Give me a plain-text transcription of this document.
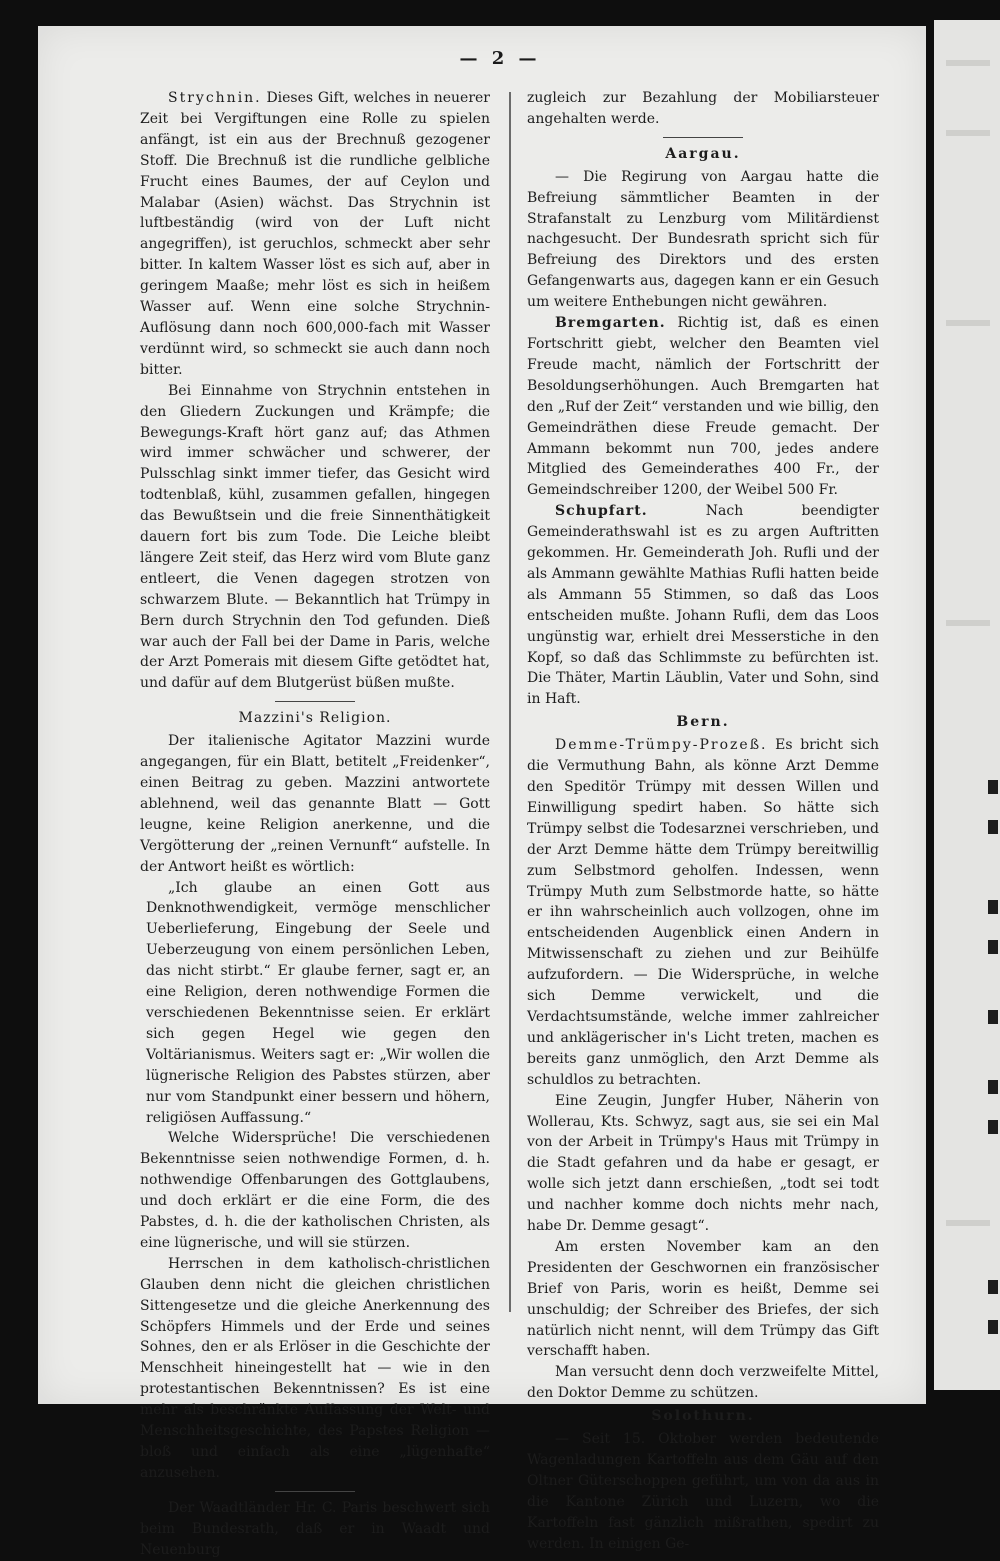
— 2 —

Strychnin. Dieses Gift, welches in neuerer Zeit bei Vergiftungen eine Rolle zu spielen anfängt, ist ein aus der Brechnuß gezogener Stoff. Die Brechnuß ist die rundliche gelbliche Frucht eines Baumes, der auf Ceylon und Malabar (Asien) wächst. Das Strychnin ist luftbeständig (wird von der Luft nicht angegriffen), ist geruchlos, schmeckt aber sehr bitter. In kaltem Wasser löst es sich auf, aber in geringem Maaße; mehr löst es sich in heißem Wasser auf. Wenn eine solche Strychnin-Auflösung dann noch 600,000-fach mit Wasser verdünnt wird, so schmeckt sie auch dann noch bitter.

Bei Einnahme von Strychnin entstehen in den Gliedern Zuckungen und Krämpfe; die Bewegungs-Kraft hört ganz auf; das Athmen wird immer schwächer und schwerer, der Pulsschlag sinkt immer tiefer, das Gesicht wird todtenblaß, kühl, zusammen gefallen, hingegen das Bewußtsein und die freie Sinnenthätigkeit dauern fort bis zum Tode. Die Leiche bleibt längere Zeit steif, das Herz wird vom Blute ganz entleert, die Venen dagegen strotzen von schwarzem Blute. — Bekanntlich hat Trümpy in Bern durch Strychnin den Tod gefunden. Dieß war auch der Fall bei der Dame in Paris, welche der Arzt Pomerais mit diesem Gifte getödtet hat, und dafür auf dem Blutgerüst büßen mußte.

Mazzini's Religion.

Der italienische Agitator Mazzini wurde angegangen, für ein Blatt, betitelt „Freidenker“, einen Beitrag zu geben. Mazzini antwortete ablehnend, weil das genannte Blatt — Gott leugne, keine Religion anerkenne, und die Vergötterung der „reinen Vernunft“ aufstelle. In der Antwort heißt es wörtlich:

„Ich glaube an einen Gott aus Denknothwendigkeit, vermöge menschlicher Ueberlieferung, Eingebung der Seele und Ueberzeugung von einem persönlichen Leben, das nicht stirbt.“ Er glaube ferner, sagt er, an eine Religion, deren nothwendige Formen die verschiedenen Bekenntnisse seien. Er erklärt sich gegen Hegel wie gegen den Voltärianismus. Weiters sagt er: „Wir wollen die lügnerische Religion des Pabstes stürzen, aber nur vom Standpunkt einer bessern und höhern, religiösen Auffassung.“

Welche Widersprüche! Die verschiedenen Bekenntnisse seien nothwendige Formen, d. h. nothwendige Offenbarungen des Gottglaubens, und doch erklärt er die eine Form, die des Pabstes, d. h. die der katholischen Christen, als eine lügnerische, und will sie stürzen.

Herrschen in dem katholisch-christlichen Glauben denn nicht die gleichen christlichen Sittengesetze und die gleiche Anerkennung des Schöpfers Himmels und der Erde und seines Sohnes, den er als Erlöser in die Geschichte der Menschheit hineingestellt hat — wie in den protestantischen Bekenntnissen? Es ist eine mehr als beschränkte Auffassung der Welt- und Menschheitsgeschichte, des Papstes Religion — bloß und einfach als eine „lügenhafte“ anzusehen.

Der Waadtländer Hr. C. Paris beschwert sich beim Bundesrath, daß er in Waadt und Neuenburg

zugleich zur Bezahlung der Mobiliarsteuer angehalten werde.

Aargau.

— Die Regirung von Aargau hatte die Befreiung sämmtlicher Beamten in der Strafanstalt zu Lenzburg vom Militärdienst nachgesucht. Der Bundesrath spricht sich für Befreiung des Direktors und des ersten Gefangenwarts aus, dagegen kann er ein Gesuch um weitere Enthebungen nicht gewähren.

Bremgarten. Richtig ist, daß es einen Fortschritt giebt, welcher den Beamten viel Freude macht, nämlich der Fortschritt der Besoldungserhöhungen. Auch Bremgarten hat den „Ruf der Zeit“ verstanden und wie billig, den Gemeindräthen diese Freude gemacht. Der Ammann bekommt nun 700, jedes andere Mitglied des Gemeinderathes 400 Fr., der Gemeindschreiber 1200, der Weibel 500 Fr.

Schupfart.	Nach beendigter Gemeinderathswahl ist es zu argen Auftritten gekommen. Hr. Gemeinderath Joh. Rufli und der als Ammann gewählte Mathias Rufli hatten beide als Ammann 55 Stimmen, so daß das Loos entscheiden mußte. Johann Rufli, dem das Loos ungünstig war, erhielt drei Messerstiche in den Kopf, so daß das Schlimmste zu befürchten ist. Die Thäter, Martin Läublin, Vater und Sohn, sind in Haft.

Bern.

Demme-Trümpy-Prozeß. Es bricht sich die Vermuthung Bahn, als könne Arzt Demme den Speditör Trümpy mit dessen Willen und Einwilligung spedirt haben. So hätte sich Trümpy selbst die Todesarznei verschrieben, und der Arzt Demme hätte dem Trümpy bereitwillig zum Selbstmord geholfen. Indessen, wenn Trümpy Muth zum Selbstmorde hatte, so hätte er ihn wahrscheinlich auch vollzogen, ohne im entscheidenden Augenblick einen Andern in Mitwissenschaft zu ziehen und zur Beihülfe aufzufordern. — Die Widersprüche, in welche sich Demme verwickelt, und die Verdachtsumstände, welche immer zahlreicher und anklägerischer in's Licht treten, machen es bereits ganz unmöglich, den Arzt Demme als schuldlos zu betrachten.

Eine Zeugin, Jungfer Huber, Näherin von Wollerau, Kts. Schwyz, sagt aus, sie sei ein Mal von der Arbeit in Trümpy's Haus mit Trümpy in die Stadt gefahren und da habe er gesagt, er wolle sich jetzt dann erschießen, „todt sei todt und nachher komme doch nichts mehr nach, habe Dr. Demme gesagt“.

Am ersten November kam an den Presidenten der Geschwornen ein französischer Brief von Paris, worin es heißt, Demme sei unschuldig; der Schreiber des Briefes, der sich natürlich nicht nennt, will dem Trümpy das Gift verschafft haben.

Man versucht denn doch verzweifelte Mittel, den Doktor Demme zu schützen.

Solothurn.

— Seit 15. Oktober werden bedeutende Wagenladungen Kartoffeln aus dem Gäu auf den Oltner Güterschoppen geführt, um von da aus in die Kantone Zürich und Luzern, wo die Kartoffeln fast gänzlich mißrathen, spedirt zu werden. In einigen Ge-
